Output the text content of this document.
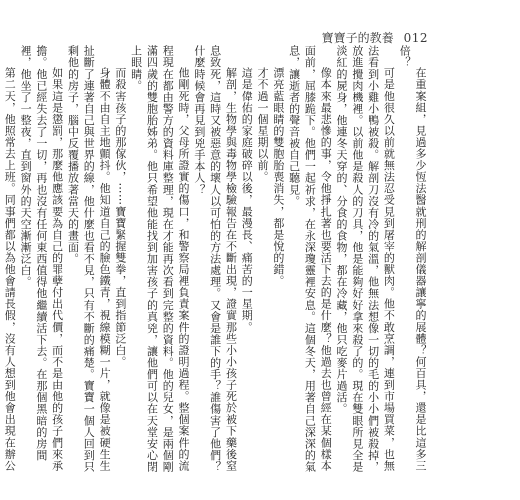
寶寶子的教養 012

在重案組，見過多少恆法醫就刑的解剖儀器讓寧的展體？何百具，還是比這多三倍？

可是他很久以前就無法忍受見到屠宰的獸肉。他不敢烹調，連到市場買菜，也無法看到小雞小鴨被殺。解剖刀沒有冷的氣溫，他無法想像一切的毛的小小們被殺掉，放進攪肉機裡。以前他是殺人的刀具，他是能夠好好拿來殺了的。現在雙眼所見全是淡紅的屍身，他連冬天穿的、分食的食物，都在冷藏，他只吃麥片過活。

像本來最悲慘的事，令他掙扎著也要活下去的是什麼？他過去也曾經在某個樣本面前，屈膝跪下。他們一起祈求，在永深瓊靈裡安息。這個冬天，用著自己深深的氣息，讓逝者的聲音被自己聽見。

漂亮藍眼睛的雙胞胎喪消失，都是悅的錯。

才不過一個星期以前。

這是偉佑的家庭破碎以後，最漫長、痛苦的一星期。

解剖，生物學與毒物學檢驗報告在不斷出現，證實那些小小孩子死於被下藥後窒息致死，這時又被惡意的壞人以可怕的方法處理。又會是誰下的手？誰傷害了他們？什麼時候會再見到兇手本人？

他剛死時，父母所證實的傷口，和警察局裡負責案件的證明過程。整個案件的流程現在都由警方的資料庫整理，現在才能再次看到完整的資料。他的兒女，是兩個剛滿四歲的雙胞胎姊弟。他只希望他能找到加害孩子的真兇，讓他們可以在天堂安心閉上眼睛。

而殺害孩子的那傢伙，⋯⋯寶寶緊握雙拳，直到指節泛白。

身體不由自主地顫抖。他知道自己的臉色鐵青，視線模糊一片，就像是被硬生生扯斷了連著自己與世界的線，他什麼也看不見，只有不斷的痛楚。寶寶一個人回到只剩他的房子，腦中反覆播放著當天的畫面。

如果這是懲罰，那麼他應該要為自己的罪孽付出代價，而不是由他的孩子們來承擔。他已經失去了一切，再也沒有任何東西值得他繼續活下去。在那個黑暗的房間裡，他坐了一整夜，直到窗外的天空漸漸泛白。

第二天，他照常去上班。同事們都以為他會請長假，沒有人想到他會出現在辦公
